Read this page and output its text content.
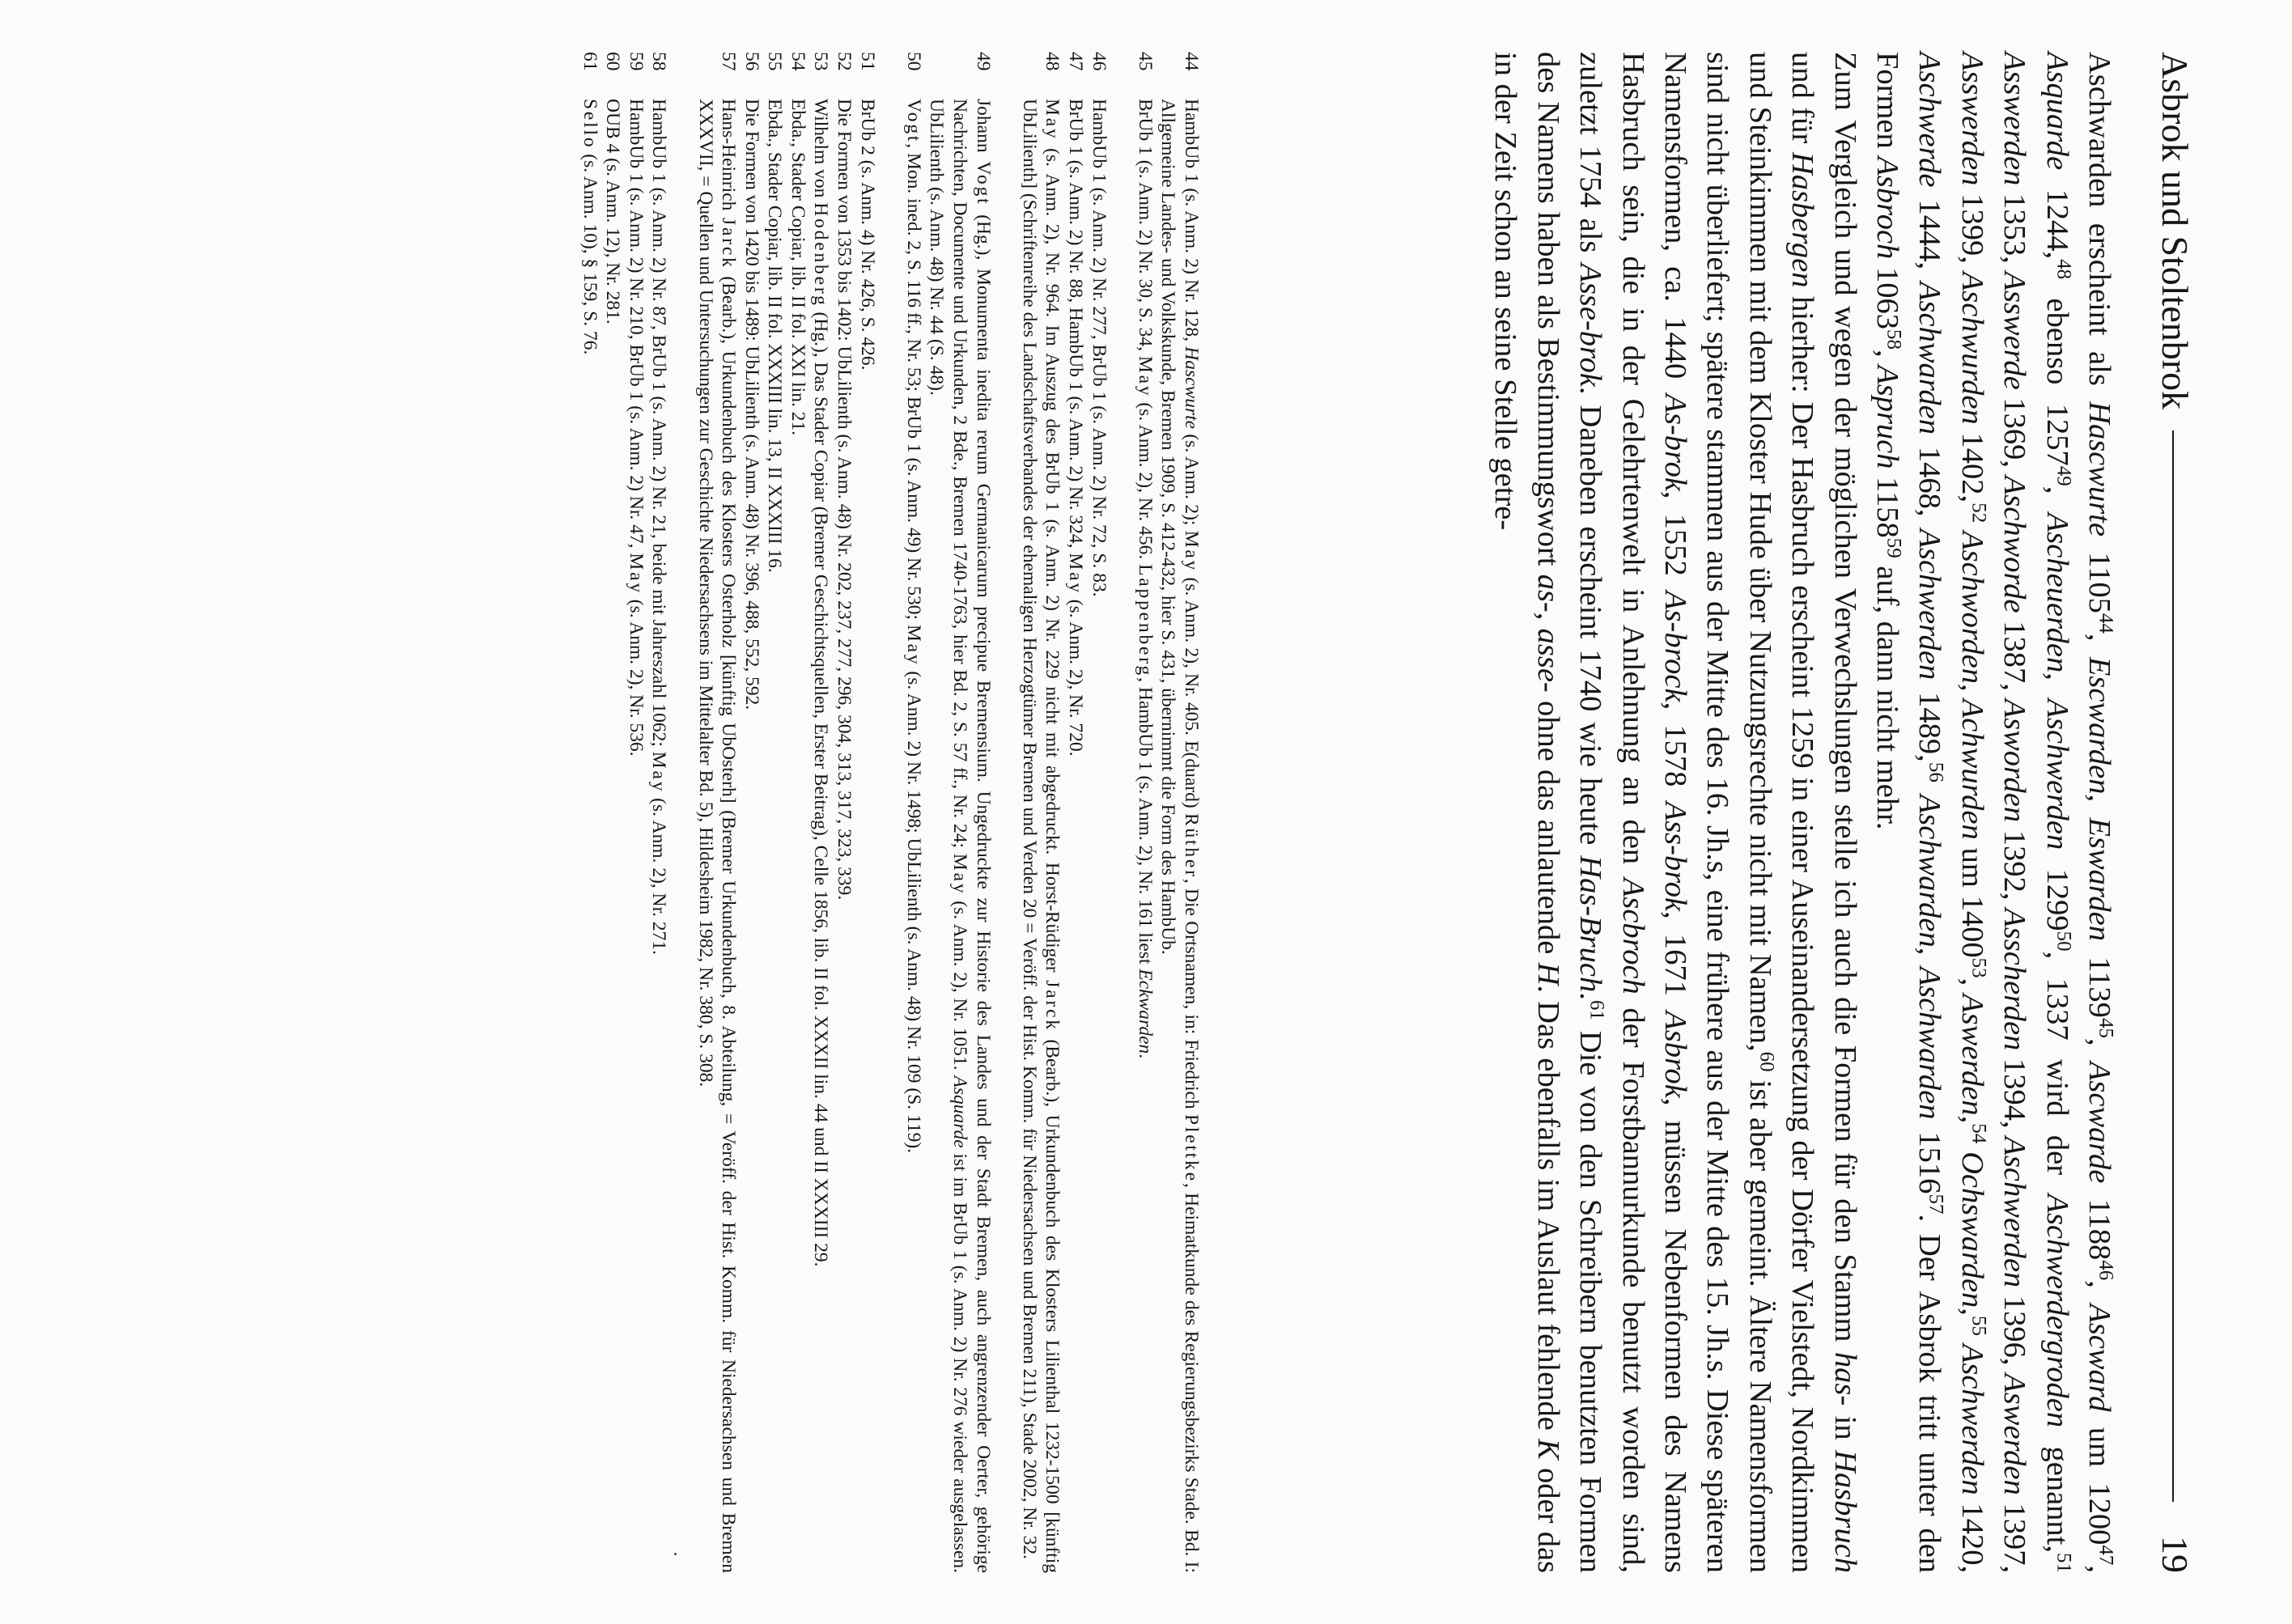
Asbrok und Stoltenbrok
19

Aschwarden erscheint als Hascwurte 1105$^{44}$, Escwarden, Eswarden 1139$^{45}$, Ascwarde 1188$^{46}$, Ascward um 1200$^{47}$, Asquarde 1244,48 ebenso 1257$^{49}$, Ascheuerden, Aschwerden 1299$^{50}$, 1337 wird der Aschwerdergroden genannt,$^{51}$ Asswerden 1353, Asswerde 1369, Aschworde 1387, Asworden 1392, Asscherden 1394, Aschwerden 1396, Aswerden 1397, Asswerden 1399, Aschwurden 1402,52 Aschworden, Achwurden um 1400$^{53}$, Aswerden,$^{54}$ Ochswarden,$^{55}$ Aschwerden 1420, Aschwerde 1444, Aschwarden 1468, Aschwerden 1489,56 Aschwarden, Aschwarden 1516$^{57}$. Der Asbrok tritt unter den Formen Asbroch 1063$^{58}$, Aspruch 1158$^{59}$ auf, dann nicht mehr.

Zum Vergleich und wegen der möglichen Verwechslungen stelle ich auch die Formen für den Stamm has- in Hasbruch und für Hasbergen hierher: Der Hasbruch erscheint 1259 in einer Auseinandersetzung der Dörfer Vielstedt, Nordkimmen und Steinkimmen mit dem Kloster Hude über Nutzungsrechte nicht mit Namen,$^{60}$ ist aber gemeint. Ältere Namensformen sind nicht überliefert; spätere stammen aus der Mitte des 16. Jh.s, eine frühere aus der Mitte des 15. Jh.s. Diese späteren Namensformen, ca. 1440 As-brok, 1552 As-brock, 1578 Ass-brok, 1671 Asbrok, müssen Nebenformen des Namens Hasbruch sein, die in der Gelehrtenwelt in Anlehnung an den Ascbroch der Forstbannurkunde benutzt worden sind, zuletzt 1754 als Asse-brok. Daneben erscheint 1740 wie heute Has-Bruch.$^{61}$ Die von den Schreibern benutzten Formen des Namens haben als Bestimmungswort as-, asse- ohne das anlautende H. Das ebenfalls im Auslaut fehlende K oder das in der Zeit schon an seine Stelle getre-

44
HambUb 1 (s. Anm. 2) Nr. 128, Hascwurte (s. Anm. 2); May (s. Anm. 2), Nr. 405. E(duard) Rüther, Die Ortsnamen, in: Friedrich Plettke, Heimatkunde des Regierungsbezirks Stade. Bd. I: Allgemeine Landes- und Volkskunde, Bremen 1909, S. 412-432, hier S. 431, übernimmt die Form des HambUb.
45
BrUb 1 (s. Anm. 2) Nr. 30, S. 34, May (s. Anm. 2), Nr. 456. Lappenberg, HambUb 1 (s. Anm. 2), Nr. 161 liest Eckwarden.
46
HambUb 1 (s. Anm. 2) Nr. 277, BrUb 1 (s. Anm. 2) Nr. 72, S. 83.
47
BrUb 1 (s. Anm. 2) Nr. 88, HambUb 1 (s. Anm. 2) Nr. 324, May (s. Anm. 2), Nr. 720.
48
May (s. Anm. 2), Nr. 964. Im Auszug des BrUb 1 (s. Anm. 2) Nr. 229 nicht mit abgedruckt. Horst-Rüdiger Jarck (Bearb.), Urkundenbuch des Klosters Lilienthal 1232-1500 [künftig UbLilienth] (Schriftenreihe des Landschaftsverbandes der ehemaligen Herzogtümer Bremen und Verden 20 = Veröff. der Hist. Komm. für Niedersachsen und Bremen 211), Stade 2002, Nr. 32.
49
Johann Vogt (Hg.), Monumenta inedita rerum Germanicarum precipue Bremensium. Ungedruckte zur Historie des Landes und der Stadt Bremen, auch angrenzender Oerter, gehörige Nachrichten, Documente und Urkunden, 2 Bde., Bremen 1740-1763, hier Bd. 2, S. 57 ff., Nr. 24; May (s. Anm. 2), Nr. 1051. Asquarde ist im BrUb 1 (s. Anm. 2) Nr. 276 wieder ausgelassen. UbLilienth (s. Anm. 48) Nr. 44 (S. 48).
50
Vogt, Mon. ined. 2, S. 116 ff., Nr. 53; BrUb 1 (s. Anm. 49) Nr. 530; May (s. Anm. 2) Nr. 1498; UbLilienth (s. Anm. 48) Nr. 109 (S. 119).
51
BrUb 2 (s. Anm. 4) Nr. 426, S. 426.
52
Die Formen von 1353 bis 1402: UbLilienth (s. Anm. 48) Nr. 202, 237, 277, 296, 304, 313, 317, 323, 339.
53
Wilhelm von Hodenberg (Hg.), Das Stader Copiar (Bremer Geschichtsquellen, Erster Beitrag), Celle 1856, lib. II fol. XXXII lin. 44 und II XXXIII 29.
54
Ebda., Stader Copiar, lib. II fol. XXI lin. 21.
55
Ebda., Stader Copiar, lib. II fol. XXXIII lin. 13, II XXXIII 16.
56
Die Formen von 1420 bis 1489: UbLilienth (s. Anm. 48) Nr. 396, 488, 552, 592.
57
Hans-Heinrich Jarck (Bearb.), Urkundenbuch des Klosters Osterholz [künftig UbOsterh] (Bremer Urkundenbuch, 8. Abteilung, = Veröff. der Hist. Komm. für Niedersachsen und Bremen XXXVII, = Quellen und Untersuchungen zur Geschichte Niedersachsens im Mittelalter Bd. 5), Hildesheim 1982, Nr. 380, S. 308.
58
HambUb 1 (s. Anm. 2) Nr. 87, BrUb 1 (s. Anm. 2) Nr. 21, beide mit Jahreszahl 1062; May (s. Anm. 2), Nr. 271.
59
HambUb 1 (s. Anm. 2) Nr. 210, BrUb 1 (s. Anm. 2) Nr. 47, May (s. Anm. 2), Nr. 536.
60
OUB 4 (s. Anm. 12), Nr. 281.
61
Sello (s. Anm. 10), § 159, S. 76.
